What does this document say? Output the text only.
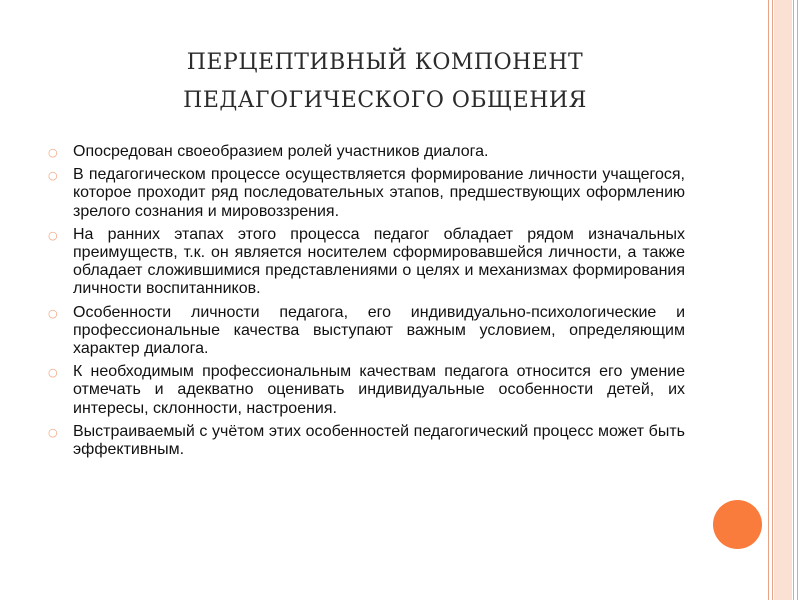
ПЕРЦЕПТИВНЫЙ КОМПОНЕНТ
ПЕДАГОГИЧЕСКОГО ОБЩЕНИЯ
○ Опосредован своеобразием ролей участников диалога.
○ В педагогическом процессе осуществляется формирование личности учащегося, которое проходит ряд последовательных этапов, предшествующих оформлению зрелого сознания и мировоззрения.
○ На ранних этапах этого процесса педагог обладает рядом изначальных преимуществ, т.к. он является носителем сформировавшейся личности, а также обладает сложившимися представлениями о целях и механизмах формирования личности воспитанников.
○ Особенности личности педагога, его индивидуально-психологические и профессиональные качества выступают важным условием, определяющим характер диалога.
○ К необходимым профессиональным качествам педагога относится его умение отмечать и адекватно оценивать индивидуальные особенности детей, их интересы, склонности, настроения.
○ Выстраиваемый с учётом этих особенностей педагогический процесс может быть эффективным.
